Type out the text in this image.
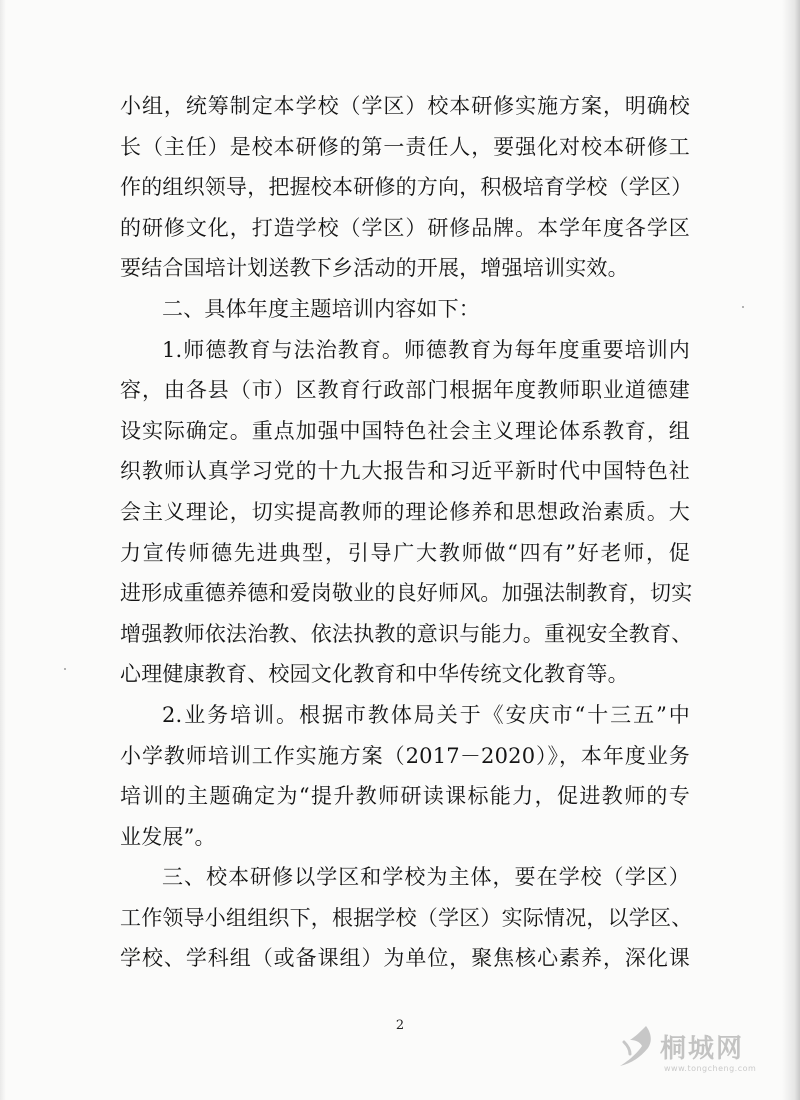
小组，统筹制定本学校（学区）校本研修实施方案，明确校
长（主任）是校本研修的第一责任人，要强化对校本研修工
作的组织领导，把握校本研修的方向，积极培育学校（学区）
的研修文化，打造学校（学区）研修品牌。本学年度各学区
要结合国培计划送教下乡活动的开展，增强培训实效。
二、具体年度主题培训内容如下：
1.师德教育与法治教育。师德教育为每年度重要培训内
容，由各县（市）区教育行政部门根据年度教师职业道德建
设实际确定。重点加强中国特色社会主义理论体系教育，组
织教师认真学习党的十九大报告和习近平新时代中国特色社
会主义理论，切实提高教师的理论修养和思想政治素质。大
力宣传师德先进典型，引导广大教师做“四有”好老师，促
进形成重德养德和爱岗敬业的良好师风。加强法制教育，切实
增强教师依法治教、依法执教的意识与能力。重视安全教育、
心理健康教育、校园文化教育和中华传统文化教育等。
2.业务培训。根据市教体局关于《安庆市“十三五”中
小学教师培训工作实施方案（2017－2020）》，本年度业务
培训的主题确定为“提升教师研读课标能力，促进教师的专
业发展”。
三、校本研修以学区和学校为主体，要在学校（学区）
工作领导小组组织下，根据学校（学区）实际情况，以学区、
学校、学科组（或备课组）为单位，聚焦核心素养，深化课
2
桐城网
www.tongcheng.com
